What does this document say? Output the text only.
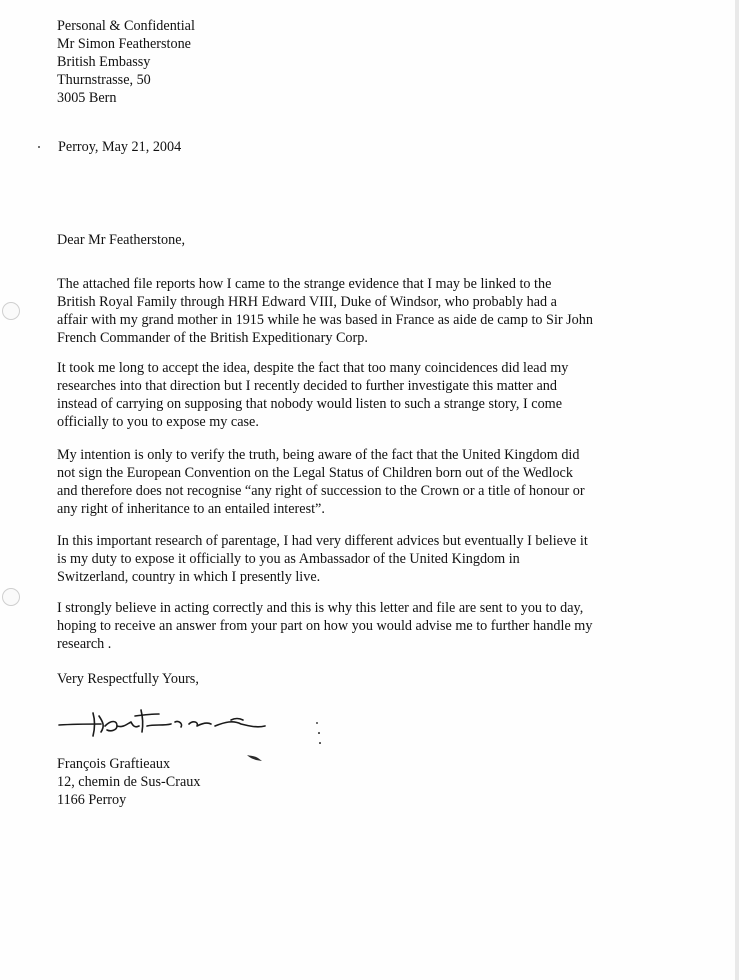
Personal & Confidential
Mr Simon Featherstone
British Embassy
Thurnstrasse, 50
3005 Bern
Perroy, May 21, 2004
Dear Mr Featherstone,
The attached file reports how I came to the strange evidence that I may be linked to the
British Royal Family through HRH Edward VIII, Duke of Windsor, who probably had a
affair with my grand mother in 1915 while he was based in France as aide de camp to Sir John
French Commander of the British Expeditionary Corp.
It took me long to accept the idea, despite the fact that too many coincidences did lead my
researches into that direction but I recently decided to further investigate this matter and
instead of carrying on supposing that nobody would listen to such a strange story, I come
officially to you to expose my case.
My intention is only to verify the truth, being aware of the fact that the United Kingdom did
not sign the European Convention on the Legal Status of Children born out of the Wedlock
and therefore does not recognise “any right of succession to the Crown or a title of honour or
any right of inheritance to an entailed interest”.
In this important research of parentage, I had very different advices but eventually I believe it
is my duty to expose it officially to you as Ambassador of the United Kingdom in
Switzerland, country in which I presently live.
I strongly believe in acting correctly and this is why this letter and file are sent to you to day,
hoping to receive an answer from your part on how you would advise me to further handle my
research .
Very Respectfully Yours,
François Graftieaux
12, chemin de Sus-Craux
1166 Perroy
